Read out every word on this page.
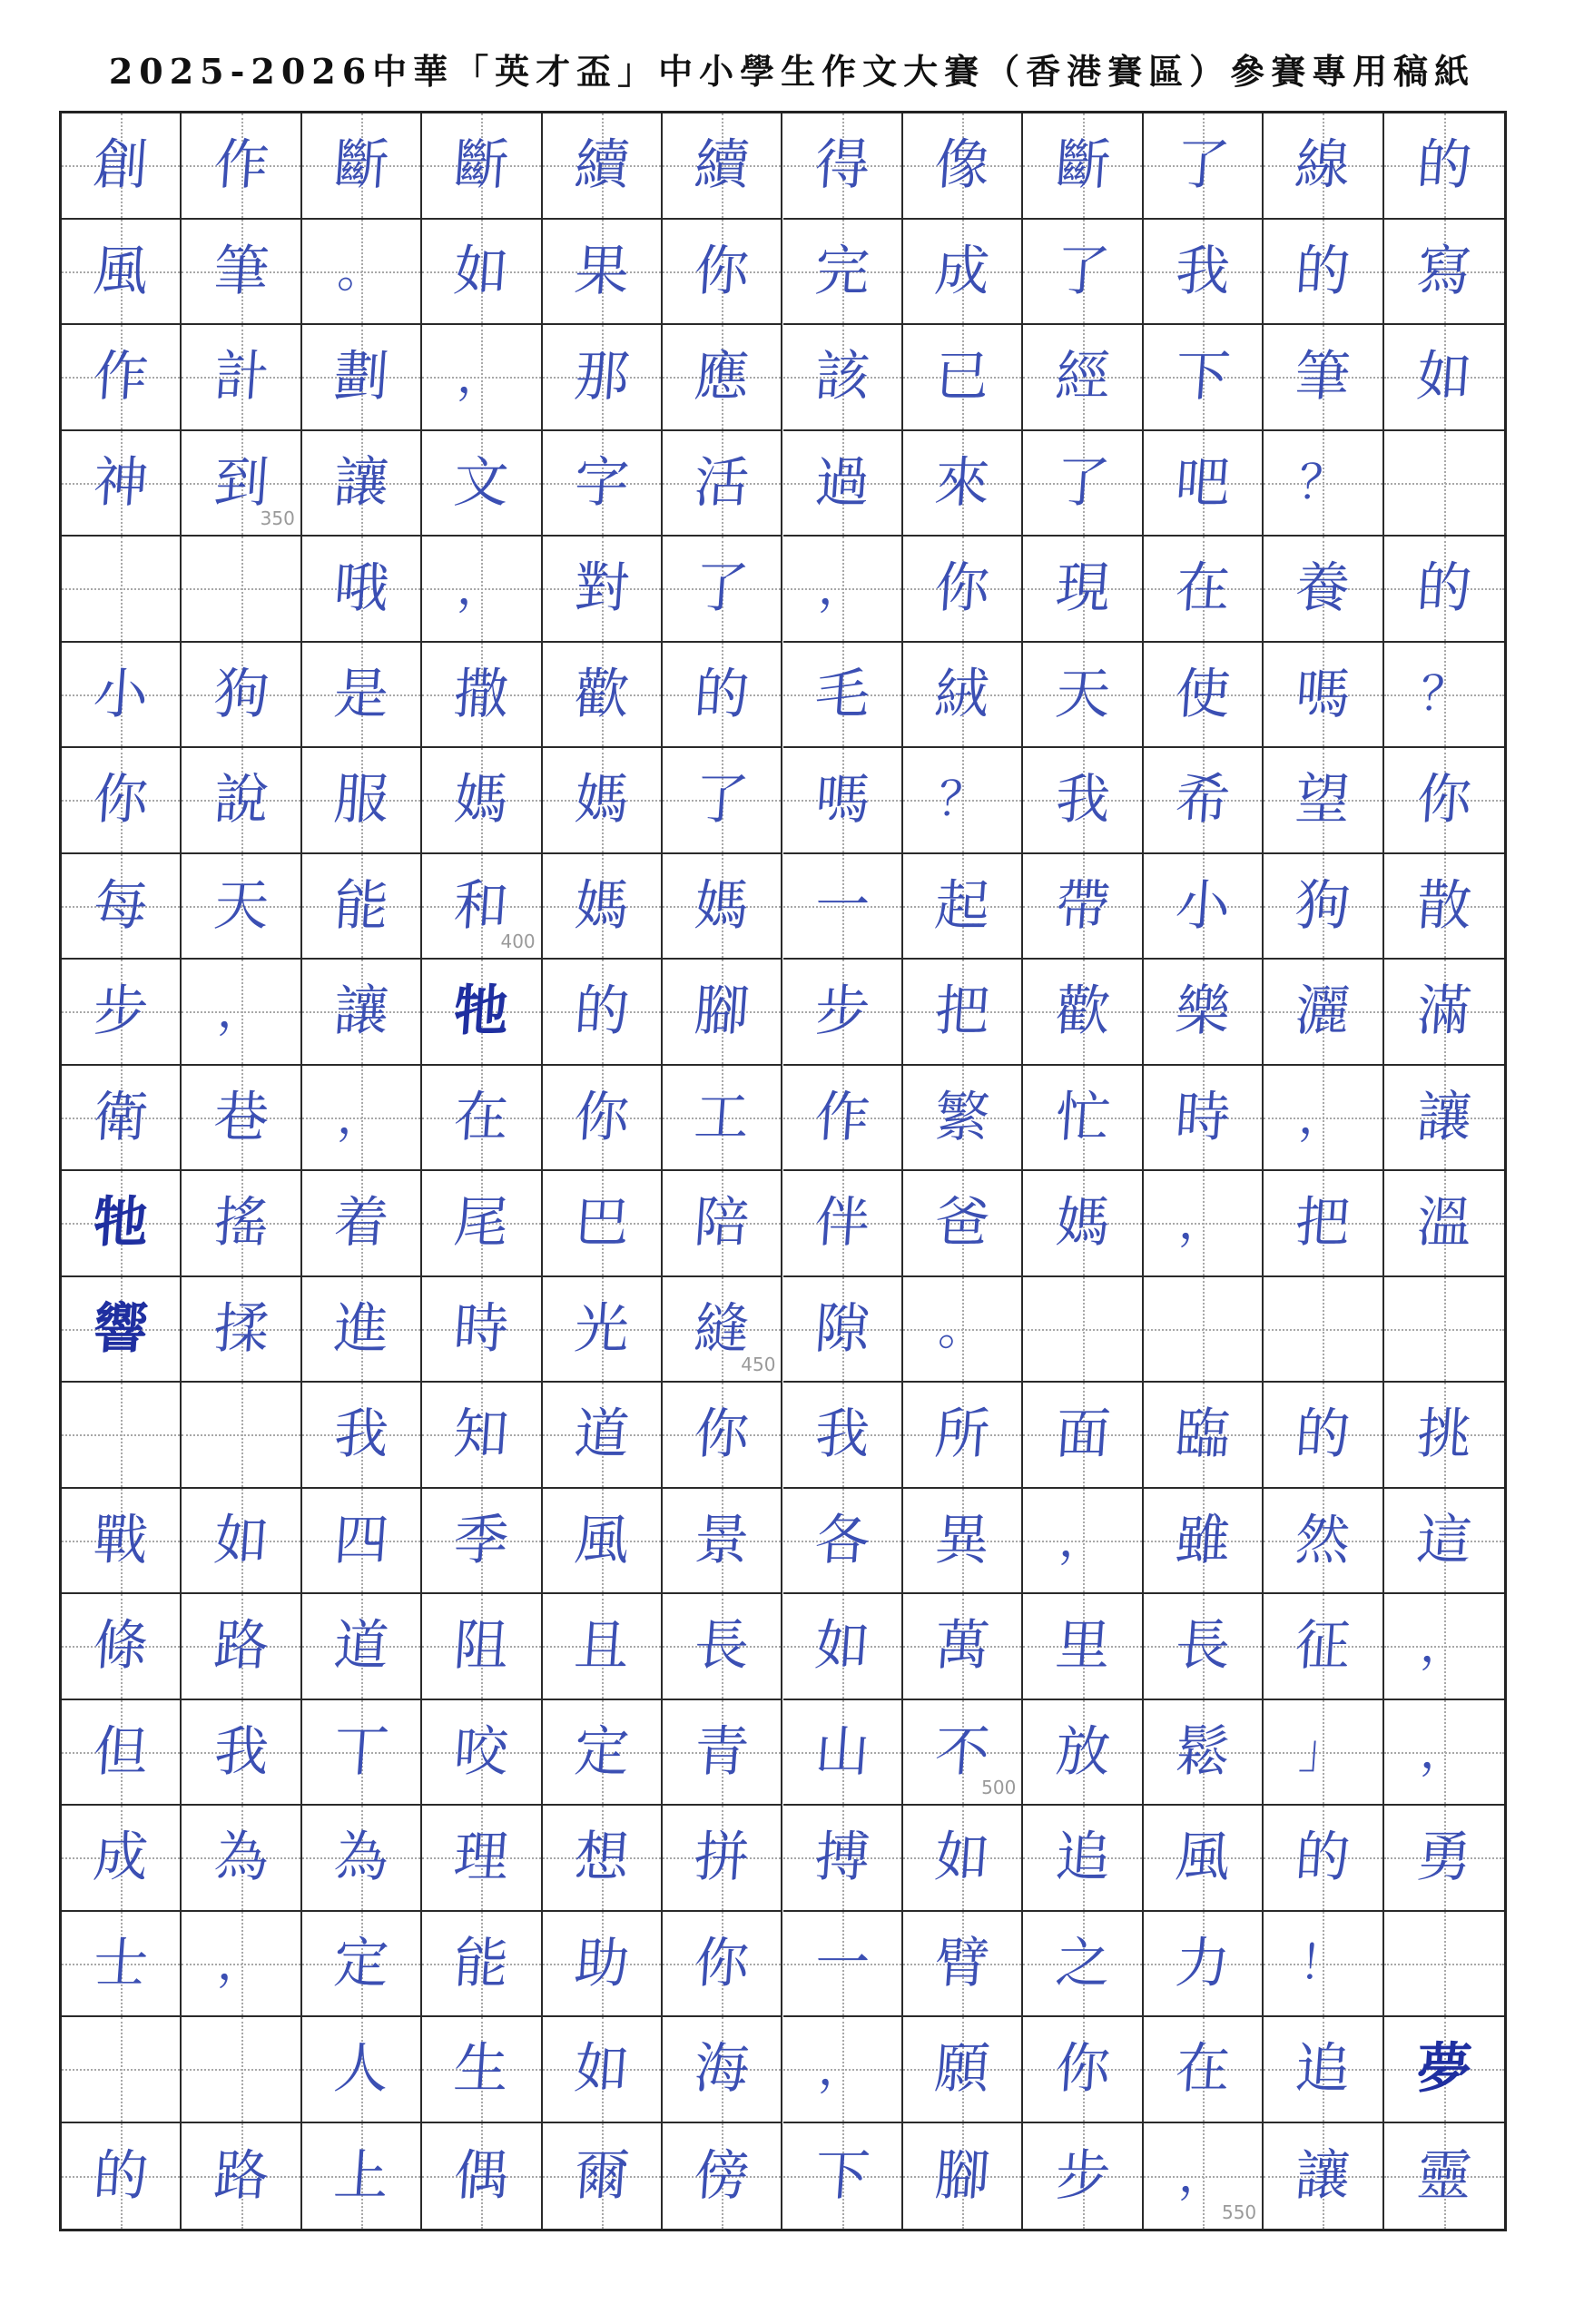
2025-2026中華「英才盃」中小學生作文大賽（香港賽區）參賽專用稿紙
創
風
作
神
小
你
每
步
衛
牠
響
戰
條
但
成
士
的
作
筆
計
到
350
狗
說
天
，
巷
搖
揉
如
路
我
為
，
路
斷
。
劃
讓
哦
是
服
能
讓
，
着
進
我
四
道
丅
為
定
人
上
斷
如
，
文
，
撒
媽
和
400
牠
在
尾
時
知
季
阻
咬
理
能
生
偶
續
果
那
字
對
歡
媽
媽
的
你
巴
光
道
風
且
定
想
助
如
爾
續
你
應
活
了
的
了
媽
腳
工
陪
縫
450
你
景
長
青
拼
你
海
傍
得
完
該
過
，
毛
嗎
一
步
作
伴
隙
我
各
如
山
搏
一
，
下
像
成
已
來
你
絨
？
起
把
繁
爸
。
所
異
萬
不
500
如
臂
願
腳
斷
了
經
了
現
天
我
帶
歡
忙
媽
面
，
里
放
追
之
你
步
了
我
下
吧
在
使
希
小
樂
時
，
臨
雖
長
鬆
風
力
在
，
550
線
的
筆
？
養
嗎
望
狗
灑
，
把
的
然
征
」
的
！
追
讓
的
寫
如
的
？
你
散
滿
讓
溫
挑
這
，
，
勇
夢
靈
